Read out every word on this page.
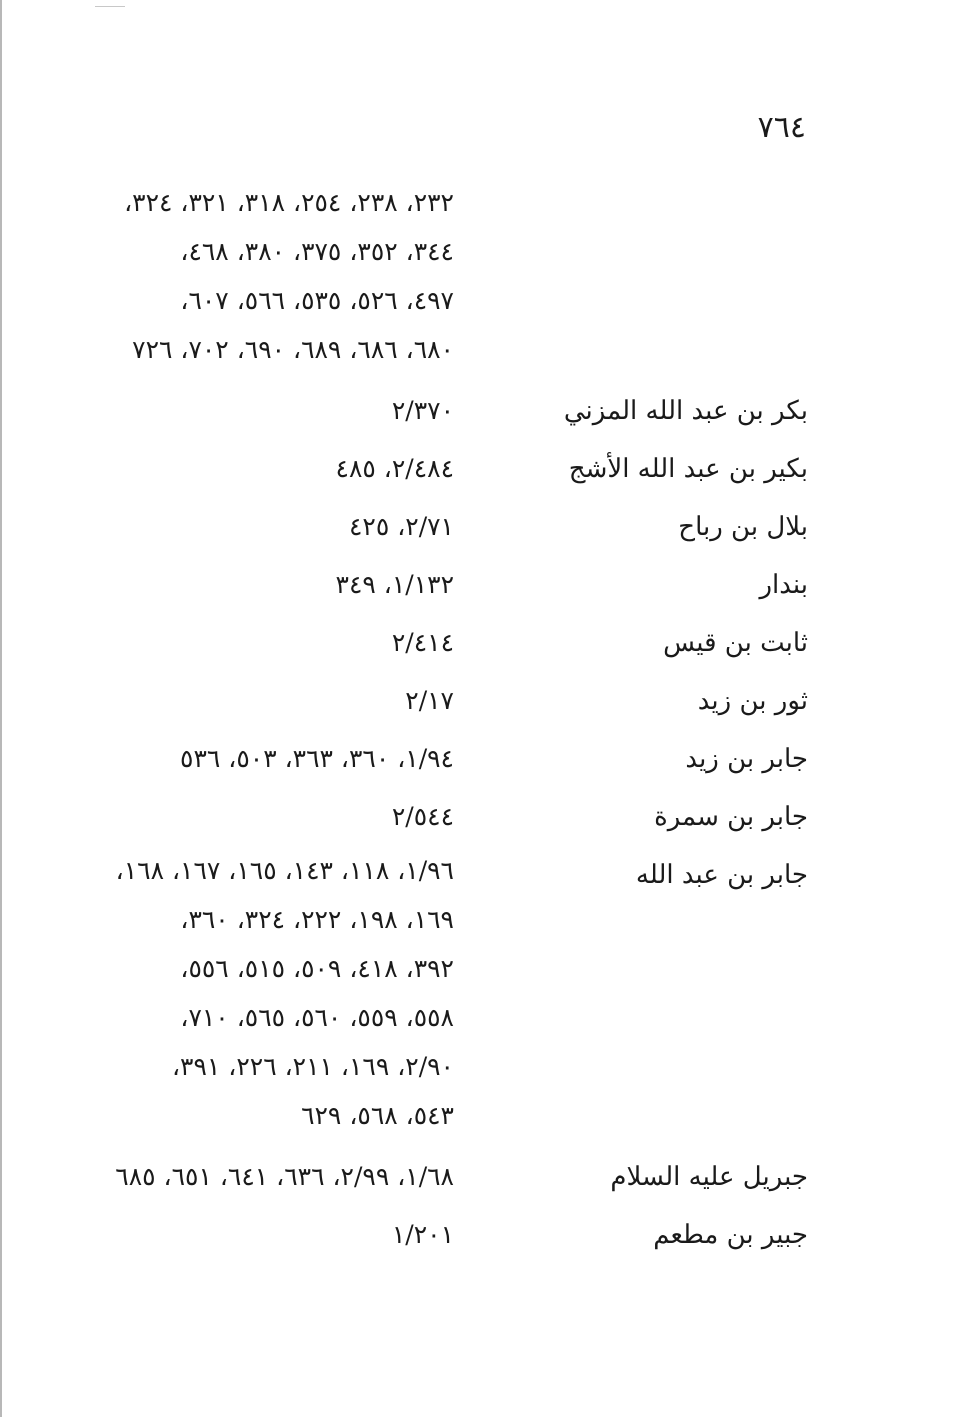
٧٦٤
٢٣٢، ٢٣٨، ٢٥٤، ٣١٨، ٣٢١، ٣٢٤،
٣٤٤، ٣٥٢، ٣٧٥، ٣٨٠، ٤٦٨،
٤٩٧، ٥٢٦، ٥٣٥، ٥٦٦، ٦٠٧،
٦٨٠، ٦٨٦، ٦٨٩، ٦٩٠، ٧٠٢، ٧٢٦
بكر بن عبد الله المزني
٢/٣٧٠
بكير بن عبد الله الأشج
٢/٤٨٤، ٤٨٥
بلال بن رباح
٢/٧١، ٤٢٥
بندار
١/١٣٢، ٣٤٩
ثابت بن قيس
٢/٤١٤
ثور بن زيد
٢/١٧
جابر بن زيد
١/٩٤، ٣٦٠، ٣٦٣، ٥٠٣، ٥٣٦
جابر بن سمرة
٢/٥٤٤
جابر بن عبد الله
١/٩٦، ١١٨، ١٤٣، ١٦٥، ١٦٧، ١٦٨،
١٦٩، ١٩٨، ٢٢٢، ٣٢٤، ٣٦٠،
٣٩٢، ٤١٨، ٥٠٩، ٥١٥، ٥٥٦،
٥٥٨، ٥٥٩، ٥٦٠، ٥٦٥، ٧١٠،
٢/٩٠، ١٦٩، ٢١١، ٢٢٦، ٣٩١،
٥٤٣، ٥٦٨، ٦٢٩
جبريل عليه السلام
١/٦٨، ٢/٩٩، ٦٣٦، ٦٤١، ٦٥١، ٦٨٥
جبير بن مطعم
١/٢٠١
